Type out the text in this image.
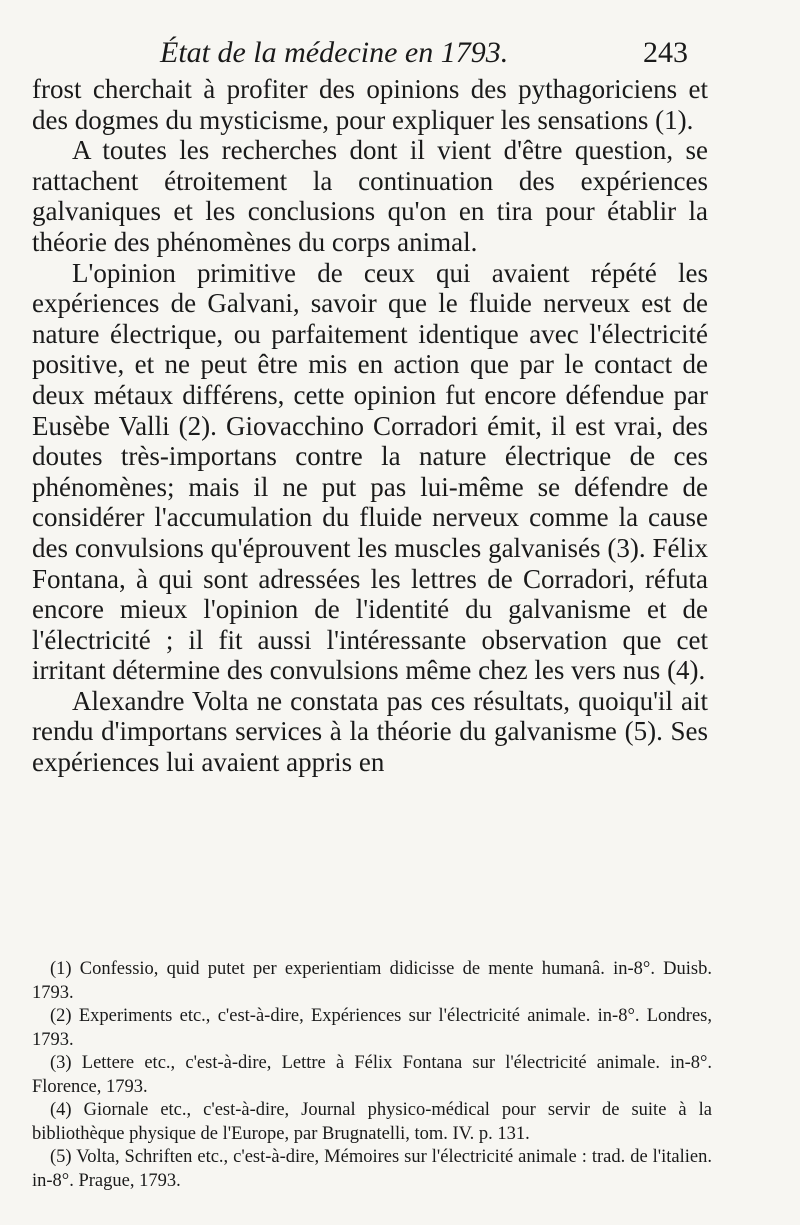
État de la médecine en 1793.	243

frost cherchait à profiter des opinions des pythagoriciens et des dogmes du mysticisme, pour expliquer les sensations (1).

A toutes les recherches dont il vient d'être question, se rattachent étroitement la continuation des expériences galvaniques et les conclusions qu'on en tira pour établir la théorie des phénomènes du corps animal.

L'opinion primitive de ceux qui avaient répété les expériences de Galvani, savoir que le fluide nerveux est de nature électrique, ou parfaitement identique avec l'électricité positive, et ne peut être mis en action que par le contact de deux métaux différens, cette opinion fut encore défendue par Eusèbe Valli (2). Giovacchino Corradori émit, il est vrai, des doutes très-importans contre la nature électrique de ces phénomènes; mais il ne put pas lui-même se défendre de considérer l'accumulation du fluide nerveux comme la cause des convulsions qu'éprouvent les muscles galvanisés (3). Félix Fontana, à qui sont adressées les lettres de Corradori, réfuta encore mieux l'opinion de l'identité du galvanisme et de l'électricité ; il fit aussi l'intéressante observation que cet irritant détermine des convulsions même chez les vers nus (4).

Alexandre Volta ne constata pas ces résultats, quoiqu'il ait rendu d'importans services à la théorie du galvanisme (5). Ses expériences lui avaient appris en

(1) Confessio, quid putet per experientiam didicisse de mente humanâ. in-8°. Duisb. 1793.

(2) Experiments etc., c'est-à-dire, Expériences sur l'électricité animale. in-8°. Londres, 1793.

(3) Lettere etc., c'est-à-dire, Lettre à Félix Fontana sur l'électricité animale. in-8°. Florence, 1793.

(4) Giornale etc., c'est-à-dire, Journal physico-médical pour servir de suite à la bibliothèque physique de l'Europe, par Brugnatelli, tom. IV. p. 131.

(5) Volta, Schriften etc., c'est-à-dire, Mémoires sur l'électricité animale : trad. de l'italien. in-8°. Prague, 1793.
